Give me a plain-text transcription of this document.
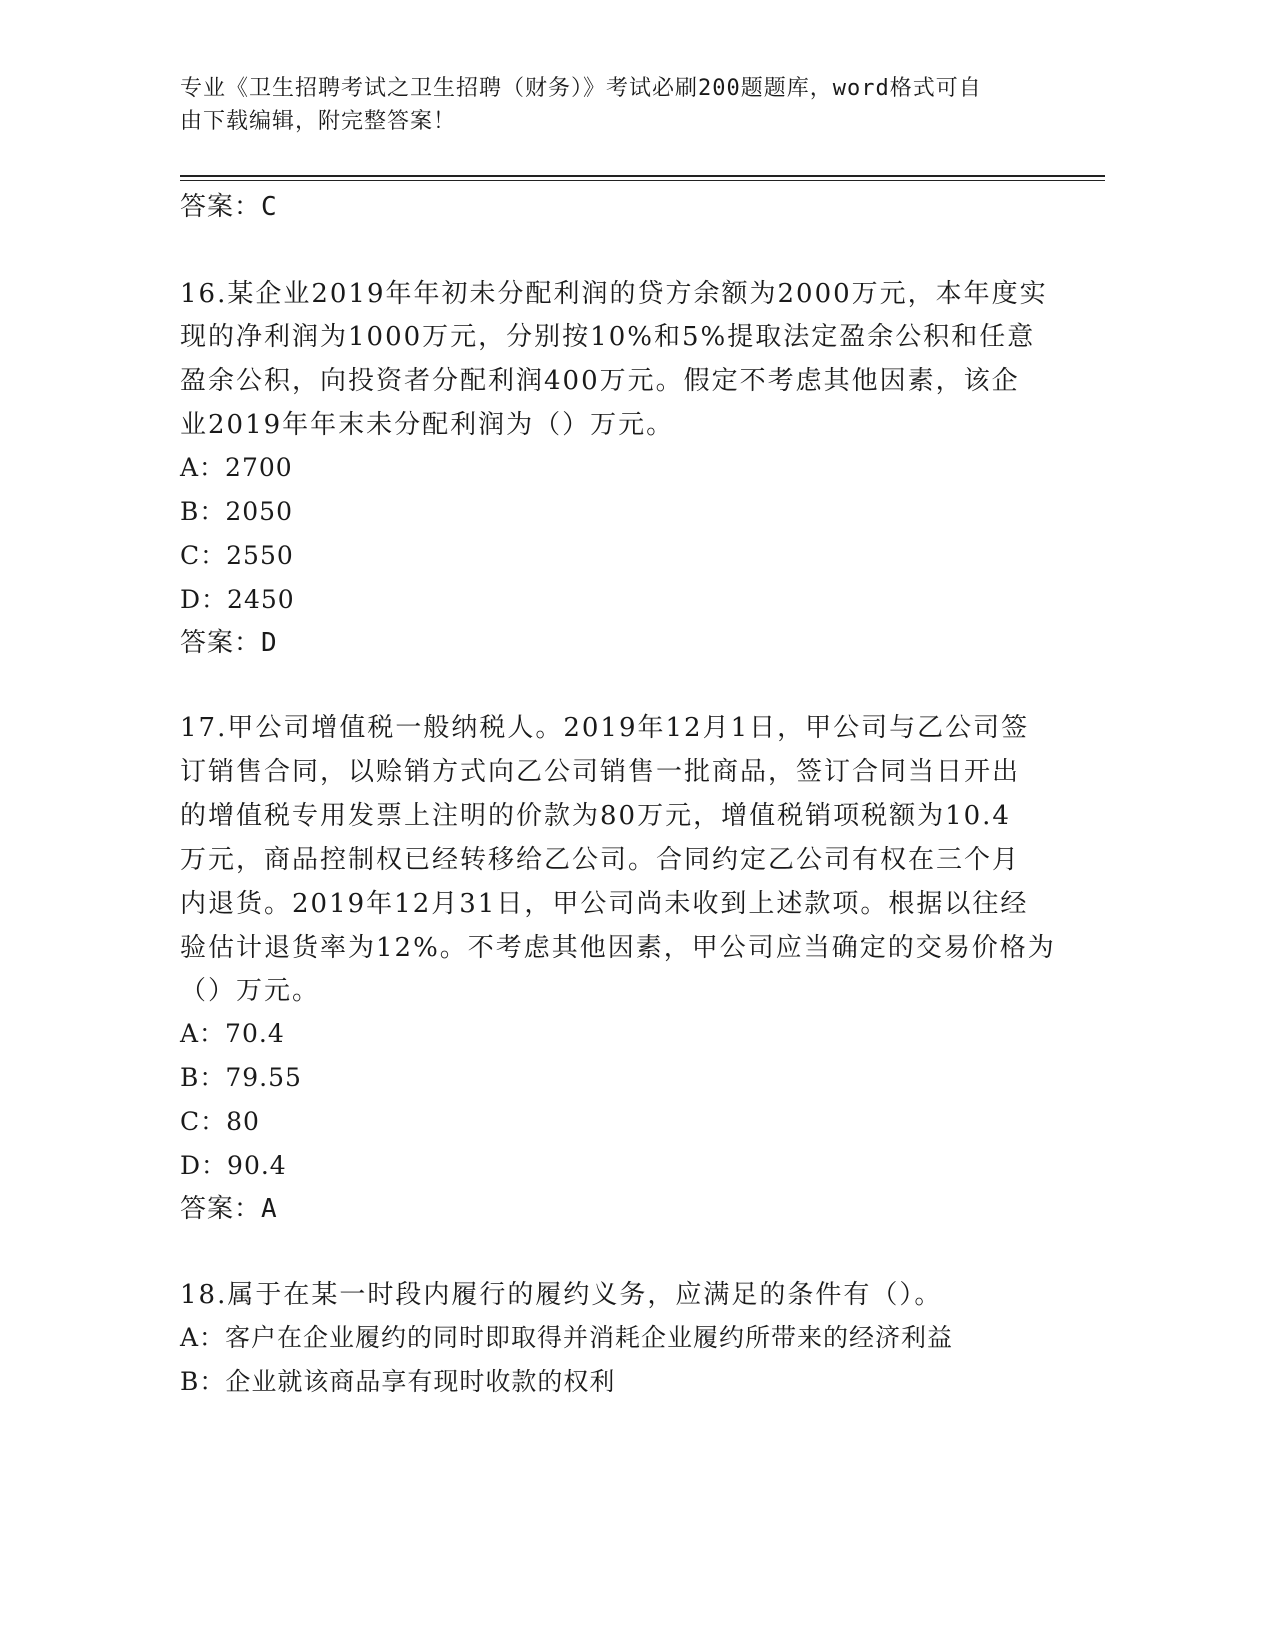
专业《卫生招聘考试之卫生招聘（财务）》考试必刷200题题库，word格式可自
由下载编辑，附完整答案！
答案：C
16.某企业2019年年初未分配利润的贷方余额为2000万元，本年度实
现的净利润为1000万元，分别按10%和5%提取法定盈余公积和任意
盈余公积，向投资者分配利润400万元。假定不考虑其他因素，该企
业2019年年末未分配利润为（）万元。
A：2700
B：2050
C：2550
D：2450
答案：D
17.甲公司增值税一般纳税人。2019年12月1日，甲公司与乙公司签
订销售合同，以赊销方式向乙公司销售一批商品，签订合同当日开出
的增值税专用发票上注明的价款为80万元，增值税销项税额为10.4
万元，商品控制权已经转移给乙公司。合同约定乙公司有权在三个月
内退货。2019年12月31日，甲公司尚未收到上述款项。根据以往经
验估计退货率为12%。不考虑其他因素，甲公司应当确定的交易价格为
（）万元。
A：70.4
B：79.55
C：80
D：90.4
答案：A
18.属于在某一时段内履行的履约义务，应满足的条件有（）。
A：客户在企业履约的同时即取得并消耗企业履约所带来的经济利益
B：企业就该商品享有现时收款的权利
